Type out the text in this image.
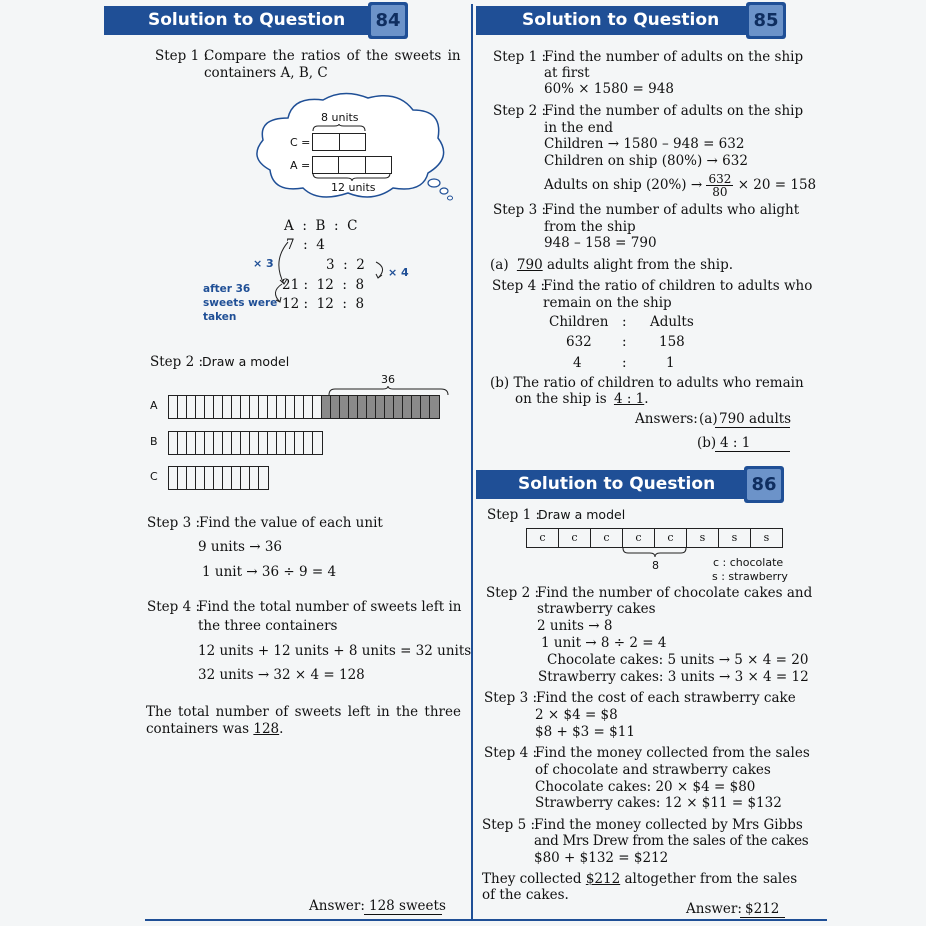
Solution to Question 84
Step 1 :
Compare the ratios of the sweets in
containers A, B, C
8 units
C =
A =
12 units
A  :  B  :  C
7  :  4
3  :  2
21 :  12  :  8
12 :  12  :  8
× 3
× 4
after 36
sweets were
taken
Step 2 :
Draw a model
36
A
B
C
Step 3 :
Find the value of each unit
9 units → 36
1 unit → 36 ÷ 9 = 4
Step 4 :
Find the total number of sweets left in
the three containers
12 units + 12 units + 8 units = 32 units
32 units → 32 × 4 = 128
The total number of sweets left in the three
containers was 128.
Answer: 128 sweets
Solution to Question 85
Step 1 :
Find the number of adults on the ship
at first
60% × 1580 = 948
Step 2 :
Find the number of adults on the ship
in the end
Children → 1580 – 948 = 632
Children on ship (80%) → 632
Adults on ship $(20\%) \to \frac{632}{80} \times 20 = 158$
Step 3 :
Find the number of adults who alight
from the ship
948 – 158 = 790
(a) 790 adults alight from the ship.
Step 4 :
Find the ratio of children to adults who
remain on the ship
Children : Adults
632 : 158
4	:	1
(b) The ratio of children to adults who remain
on the ship is 4 : 1.
Answers: (a) 790 adults
(b) 4 : 1
Solution to Question 86
Step 1 :
Draw a model
c	c	c	c	c	s	s	s
8	c : chocolate
s : strawberry
Step 2 :
Find the number of chocolate cakes and
strawberry cakes
2 units → 8
1 unit → 8 ÷ 2 = 4
Chocolate cakes: 5 units → 5 × 4 = 20
Strawberry cakes: 3 units → 3 × 4 = 12
Step 3 :
Find the cost of each strawberry cake
2 × $4 = $8
$8 + $3 = $11
Step 4 :
Find the money collected from the sales
of chocolate and strawberry cakes
Chocolate cakes: 20 × $4 = $80
Strawberry cakes: 12 × $11 = $132
Step 5 :
Find the money collected by Mrs Gibbs
and Mrs Drew from the sales of the cakes
$80 + $132 = $212
They collected $212 altogether from the sales
of the cakes.
Answer: $212
